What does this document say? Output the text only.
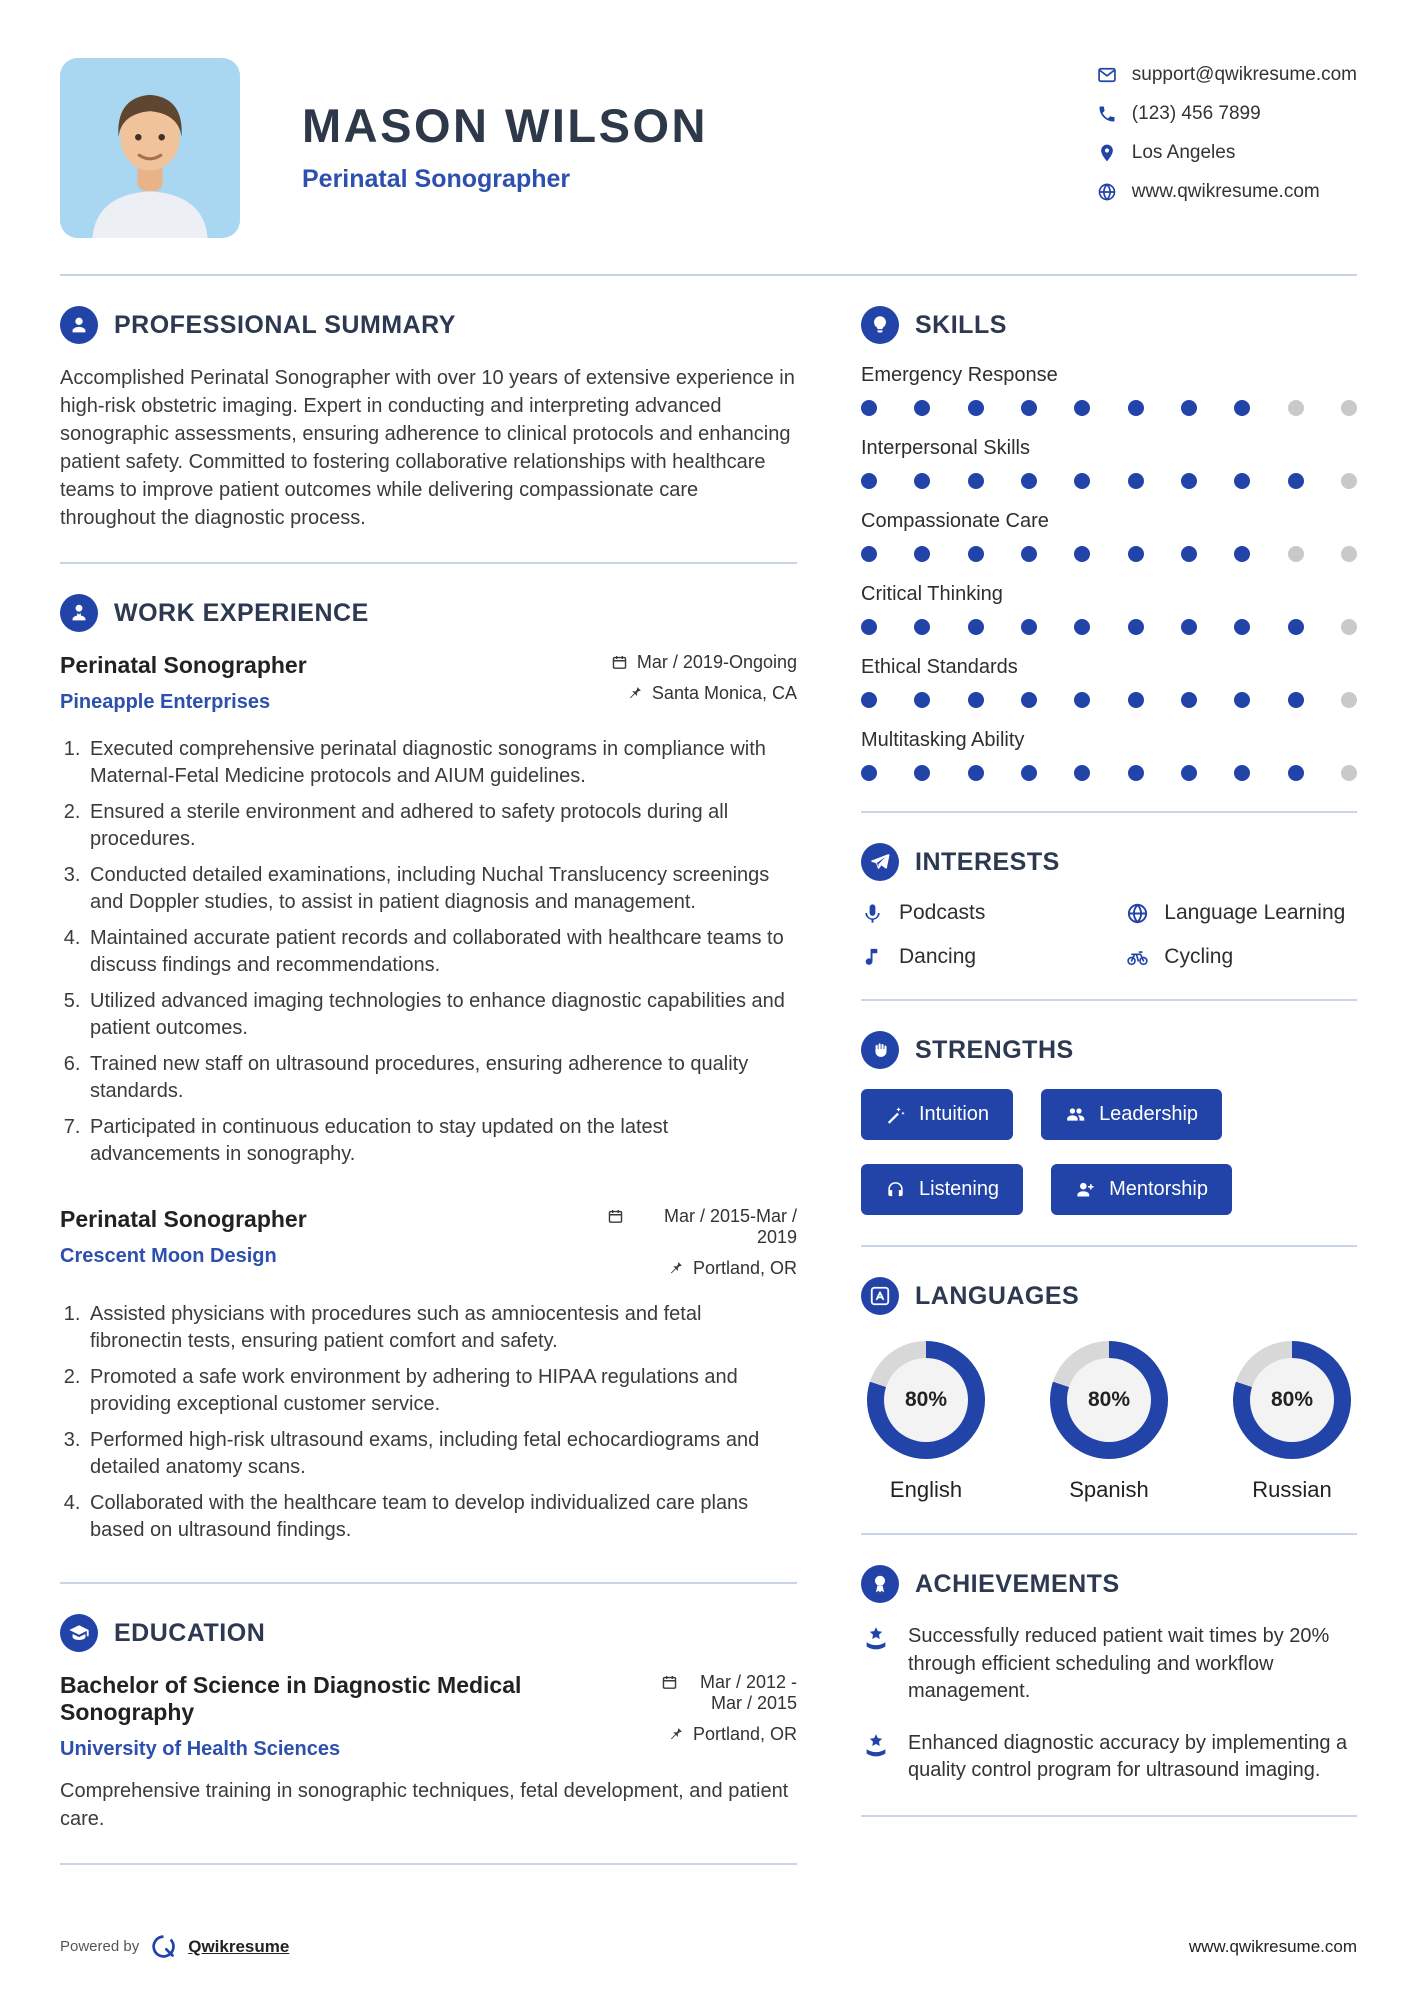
MASON WILSON
Perinatal Sonographer
support@qwikresume.com
(123) 456 7899
Los Angeles
www.qwikresume.com
PROFESSIONAL SUMMARY

Accomplished Perinatal Sonographer with over 10 years of extensive experience in high-risk obstetric imaging. Expert in conducting and interpreting advanced sonographic assessments, ensuring adherence to clinical protocols and enhancing patient safety. Committed to fostering collaborative relationships with healthcare teams to improve patient outcomes while delivering compassionate care throughout the diagnostic process.

WORK EXPERIENCE
Perinatal Sonographer
Pineapple Enterprises
Mar / 2019-Ongoing
Santa Monica, CA
1. Executed comprehensive perinatal diagnostic sonograms in compliance with Maternal-Fetal Medicine protocols and AIUM guidelines.
2. Ensured a sterile environment and adhered to safety protocols during all procedures.
3. Conducted detailed examinations, including Nuchal Translucency screenings and Doppler studies, to assist in patient diagnosis and management.
4. Maintained accurate patient records and collaborated with healthcare teams to discuss findings and recommendations.
5. Utilized advanced imaging technologies to enhance diagnostic capabilities and patient outcomes.
6. Trained new staff on ultrasound procedures, ensuring adherence to quality standards.
7. Participated in continuous education to stay updated on the latest advancements in sonography.
Perinatal Sonographer
Crescent Moon Design
Mar / 2015-Mar / 2019
Portland, OR
1. Assisted physicians with procedures such as amniocentesis and fetal fibronectin tests, ensuring patient comfort and safety.
2. Promoted a safe work environment by adhering to HIPAA regulations and providing exceptional customer service.
3. Performed high-risk ultrasound exams, including fetal echocardiograms and detailed anatomy scans.
4. Collaborated with the healthcare team to develop individualized care plans based on ultrasound findings.
EDUCATION
Bachelor of Science in Diagnostic Medical Sonography
University of Health Sciences
Mar / 2012 - Mar / 2015
Portland, OR

Comprehensive training in sonographic techniques, fetal development, and patient care.

SKILLS
Emergency Response
Interpersonal Skills
Compassionate Care
Critical Thinking
Ethical Standards
Multitasking Ability
INTERESTS
Podcasts	Language Learning
Dancing	Cycling
STRENGTHS
Intuition	Leadership
Listening	Mentorship
LANGUAGES
80%
English
80%
Spanish
80%
Russian
ACHIEVEMENTS

Successfully reduced patient wait times by 20% through efficient scheduling and workflow management.

Enhanced diagnostic accuracy by implementing a quality control program for ultrasound imaging.

Powered by	Qwikresume	www.qwikresume.com
